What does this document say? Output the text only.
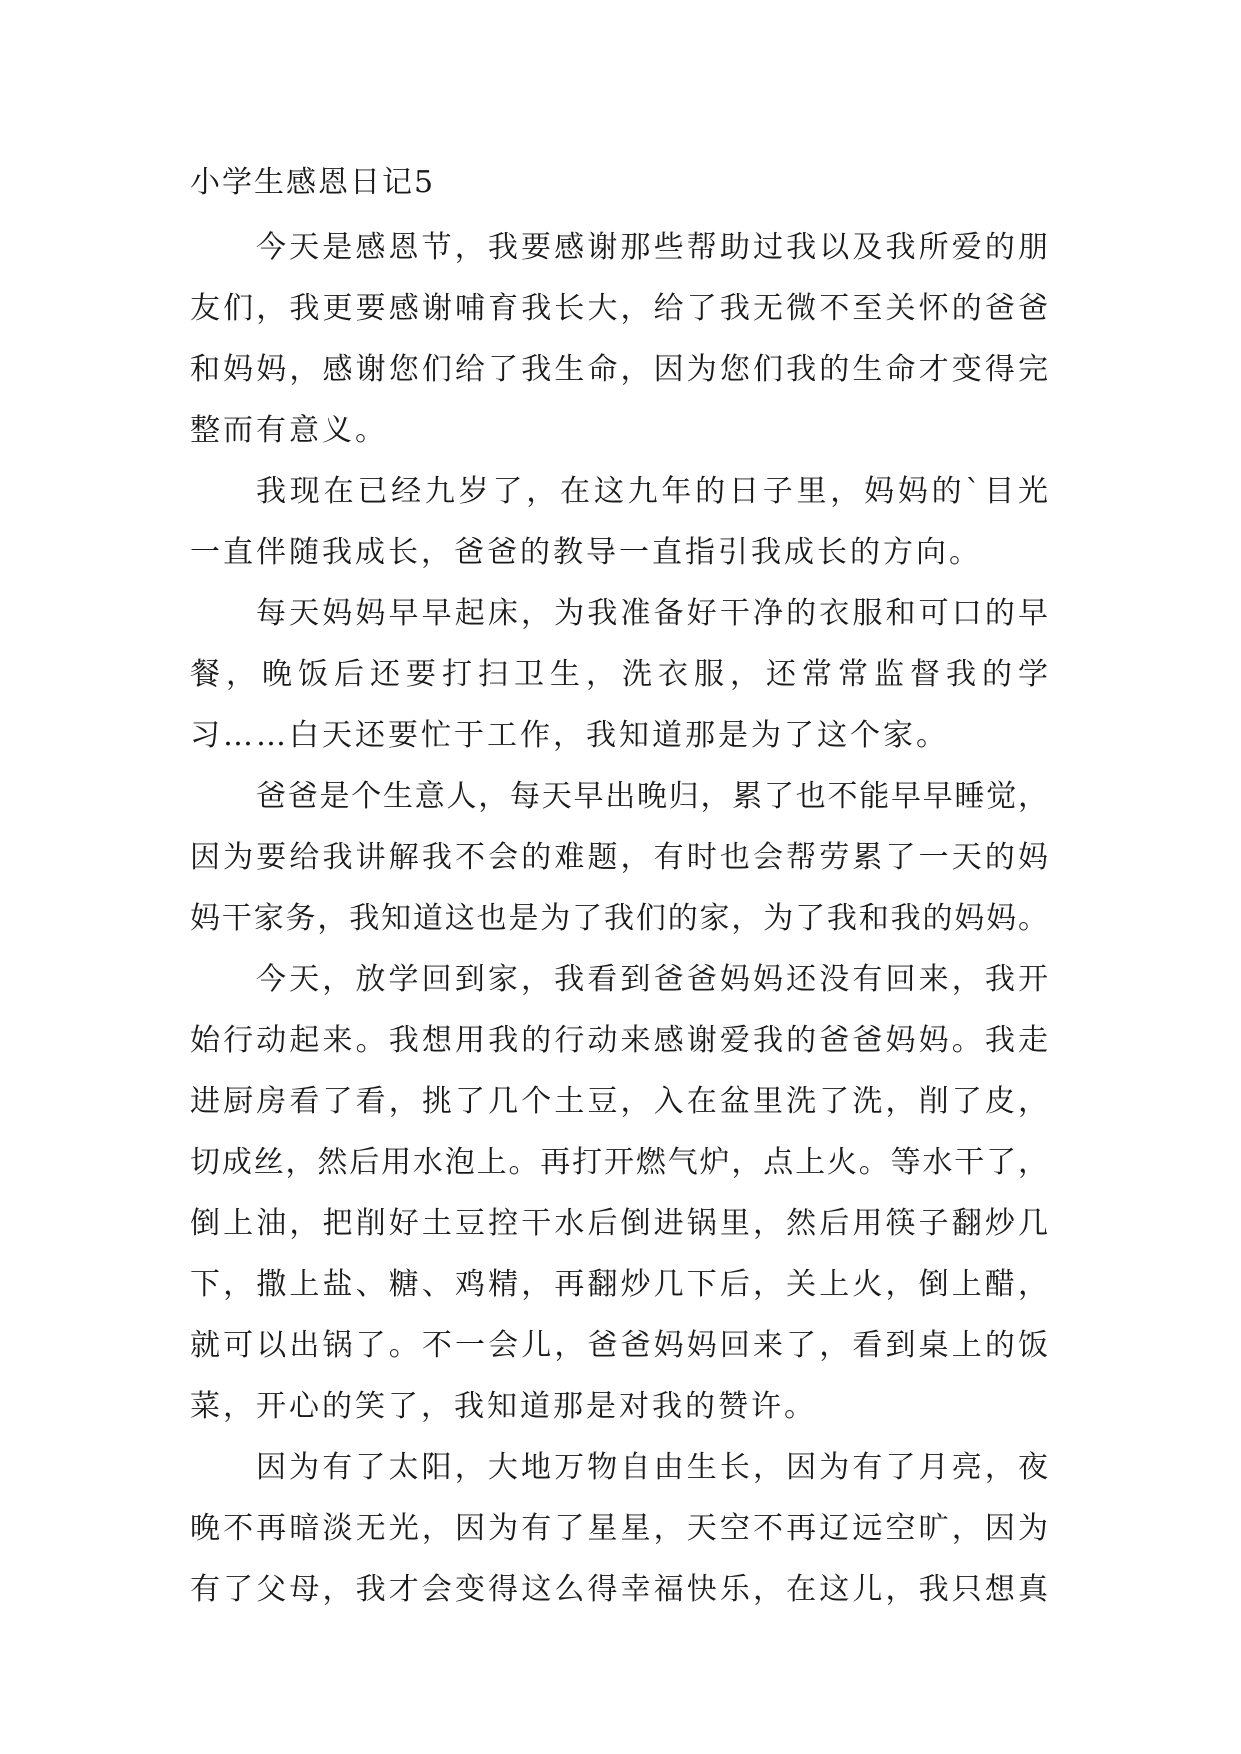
小学生感恩日记5
今天是感恩节，我要感谢那些帮助过我以及我所爱的朋
友们，我更要感谢哺育我长大，给了我无微不至关怀的爸爸
和妈妈，感谢您们给了我生命，因为您们我的生命才变得完
整而有意义。
我现在已经九岁了，在这九年的日子里，妈妈的`目光
一直伴随我成长，爸爸的教导一直指引我成长的方向。
每天妈妈早早起床，为我准备好干净的衣服和可口的早
餐，晚饭后还要打扫卫生，洗衣服，还常常监督我的学
习……白天还要忙于工作，我知道那是为了这个家。
爸爸是个生意人，每天早出晚归，累了也不能早早睡觉，
因为要给我讲解我不会的难题，有时也会帮劳累了一天的妈
妈干家务，我知道这也是为了我们的家，为了我和我的妈妈。
今天，放学回到家，我看到爸爸妈妈还没有回来，我开
始行动起来。我想用我的行动来感谢爱我的爸爸妈妈。我走
进厨房看了看，挑了几个土豆，入在盆里洗了洗，削了皮，
切成丝，然后用水泡上。再打开燃气炉，点上火。等水干了，
倒上油，把削好土豆控干水后倒进锅里，然后用筷子翻炒几
下，撒上盐、糖、鸡精，再翻炒几下后，关上火，倒上醋，
就可以出锅了。不一会儿，爸爸妈妈回来了，看到桌上的饭
菜，开心的笑了，我知道那是对我的赞许。
因为有了太阳，大地万物自由生长，因为有了月亮，夜
晚不再暗淡无光，因为有了星星，天空不再辽远空旷，因为
有了父母，我才会变得这么得幸福快乐，在这儿，我只想真
